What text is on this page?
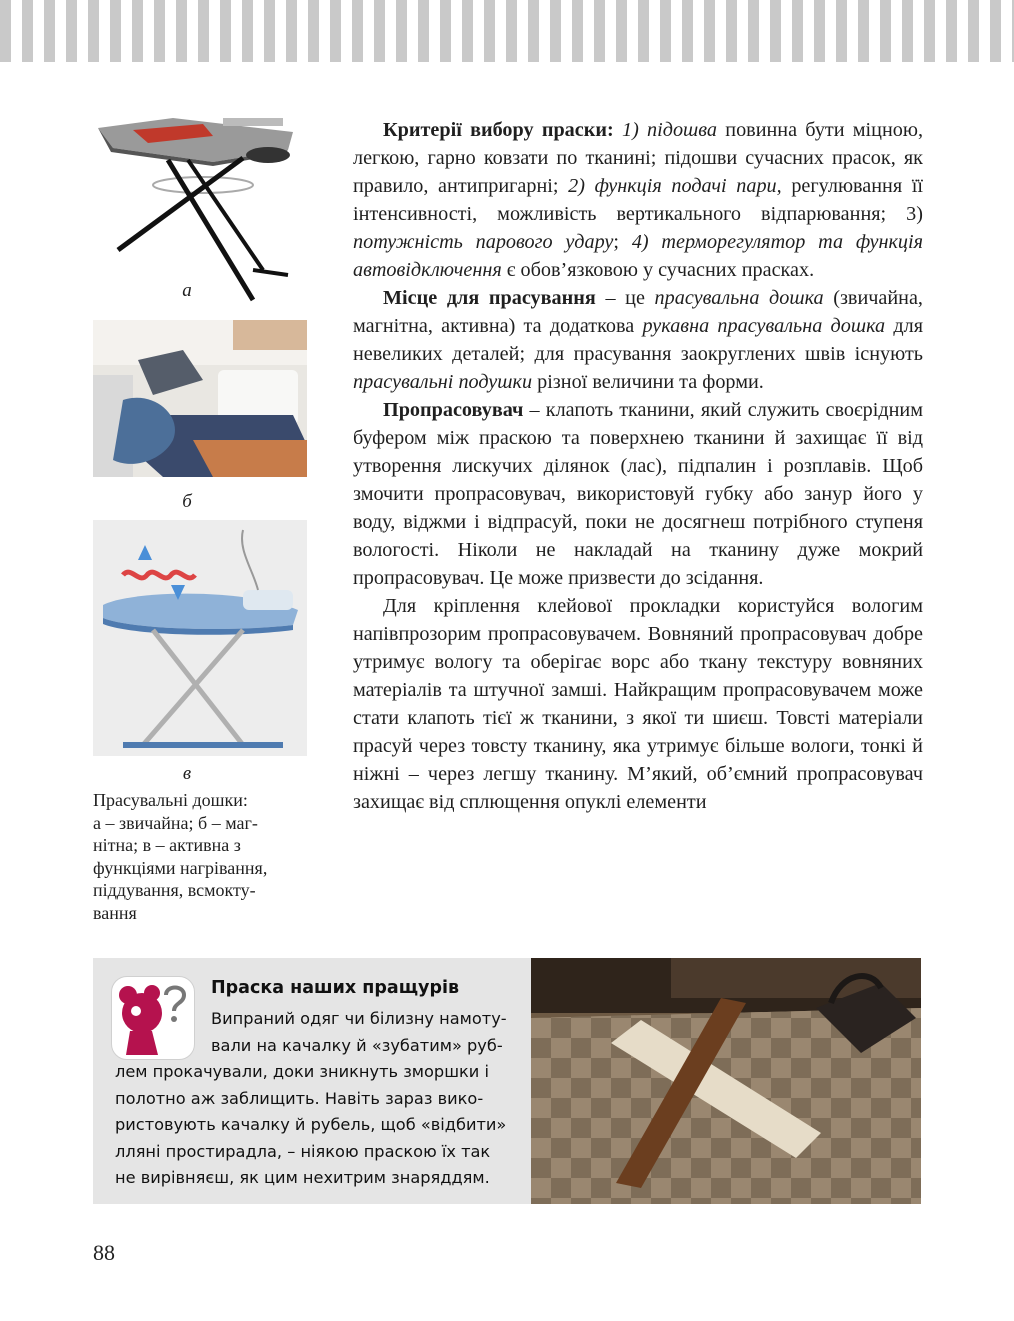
а
б
в
Прасувальні дошки:
а – звичайна; б – маг-
нітна; в – активна з
функціями нагрівання,
піддування, всмокту-
вання

Критерії вибору праски: 1) підошва повинна бути міцною, легкою, гарно ковзати по тканині; підошви сучасних прасок, як правило, антипригарні; 2) функція подачі пари, регулювання її інтенсивності, можливість вертикального відпарювання; 3) потужність парового удару; 4) терморегулятор та функція автовідключення є обов’язковою у сучасних прасках.

Місце для прасування – це прасувальна дошка (звичайна, магнітна, активна) та додаткова рукавна прасувальна дошка для невеликих деталей; для прасування заокруглених швів існують прасувальні подушки різної величини та форми.

Пропрасовувач – клапоть тканини, який служить своєрідним буфером між праскою та поверхнею тканини й захищає її від утворення лискучих ділянок (лас), підпалин і розплавів. Щоб змочити пропрасовувач, використовуй губку або занур його у воду, віджми і відпрасуй, поки не досягнеш потрібного ступеня вологості. Ніколи не накладай на тканину дуже мокрий пропрасовувач. Це може призвести до зсідання.

Для кріплення клейової прокладки користуйся вологим напівпрозорим пропрасовувачем. Вовняний пропрасовувач добре утримує вологу та оберігає ворс або ткану текстуру вовняних матеріалів та штучної замші. Найкращим пропрасовувачем може стати клапоть тієї ж тканини, з якої ти шиєш. Товсті матеріали прасуй через товсту тканину, яка утримує більше вологи, тонкі й ніжні – через легшу тканину. М’який, об’ємний пропрасовувач захищає від сплющення опуклі елементи

Праска наших пращурів
Випраний одяг чи білизну намоту-
вали на качалку й «зубатим» руб-
лем прокачували, доки зникнуть зморшки і
полотно аж заблищить. Навіть зараз вико-
ристовують качалку й рубель, щоб «відбити»
лляні простирадла, – ніякою праскою їх так
не вирівняєш, як цим нехитрим знаряддям.
88
